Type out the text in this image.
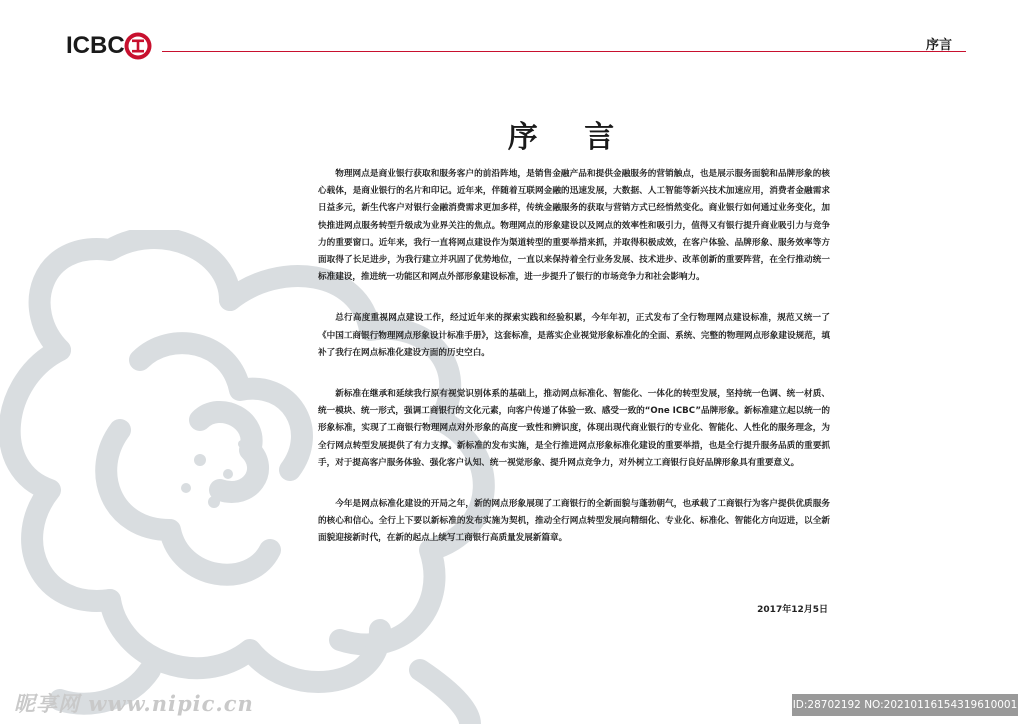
ICBC	序言
序 言

物理网点是商业银行获取和服务客户的前沿阵地，是销售金融产品和提供金融服务的营销触点，也是展示服务面貌和品牌形象的核心载体，是商业银行的名片和印记。近年来，伴随着互联网金融的迅速发展，大数据、人工智能等新兴技术加速应用，消费者金融需求日益多元，新生代客户对银行金融消费需求更加多样，传统金融服务的获取与营销方式已经悄然变化。商业银行如何通过业务变化，加快推进网点服务转型升级成为业界关注的焦点。物理网点的形象建设以及网点的效率性和吸引力，值得又有银行提升商业吸引力与竞争力的重要窗口。近年来，我行一直将网点建设作为渠道转型的重要举措来抓，并取得积极成效，在客户体验、品牌形象、服务效率等方面取得了长足进步，为我行建立并巩固了优势地位，一直以来保持着全行业务发展、技术进步、改革创新的重要阵营，在全行推动统一标准建设，推进统一功能区和网点外部形象建设标准，进一步提升了银行的市场竞争力和社会影响力。

总行高度重视网点建设工作，经过近年来的探索实践和经验积累，今年年初，正式发布了全行物理网点建设标准，规范又统一了《中国工商银行物理网点形象设计标准手册》，这套标准，是落实企业视觉形象标准化的全面、系统、完整的物理网点形象建设规范，填补了我行在网点标准化建设方面的历史空白。

新标准在继承和延续我行原有视觉识别体系的基础上，推动网点标准化、智能化、一体化的转型发展，坚持统一色调、统一材质、统一模块、统一形式，强调工商银行的文化元素，向客户传递了体验一致、感受一致的“One ICBC”品牌形象。新标准建立起以统一的形象标准，实现了工商银行物理网点对外形象的高度一致性和辨识度，体现出现代商业银行的专业化、智能化、人性化的服务理念，为全行网点转型发展提供了有力支撑。新标准的发布实施，是全行推进网点形象标准化建设的重要举措，也是全行提升服务品质的重要抓手，对于提高客户服务体验、强化客户认知、统一视觉形象、提升网点竞争力，对外树立工商银行良好品牌形象具有重要意义。

今年是网点标准化建设的开局之年，新的网点形象展现了工商银行的全新面貌与蓬勃朝气，也承载了工商银行为客户提供优质服务的核心和信心。全行上下要以新标准的发布实施为契机，推动全行网点转型发展向精细化、专业化、标准化、智能化方向迈进，以全新面貌迎接新时代，在新的起点上续写工商银行高质量发展新篇章。

2017年12月5日
昵享网 www.nipic.cn	ID:28702192 NO:20210116154319610001
